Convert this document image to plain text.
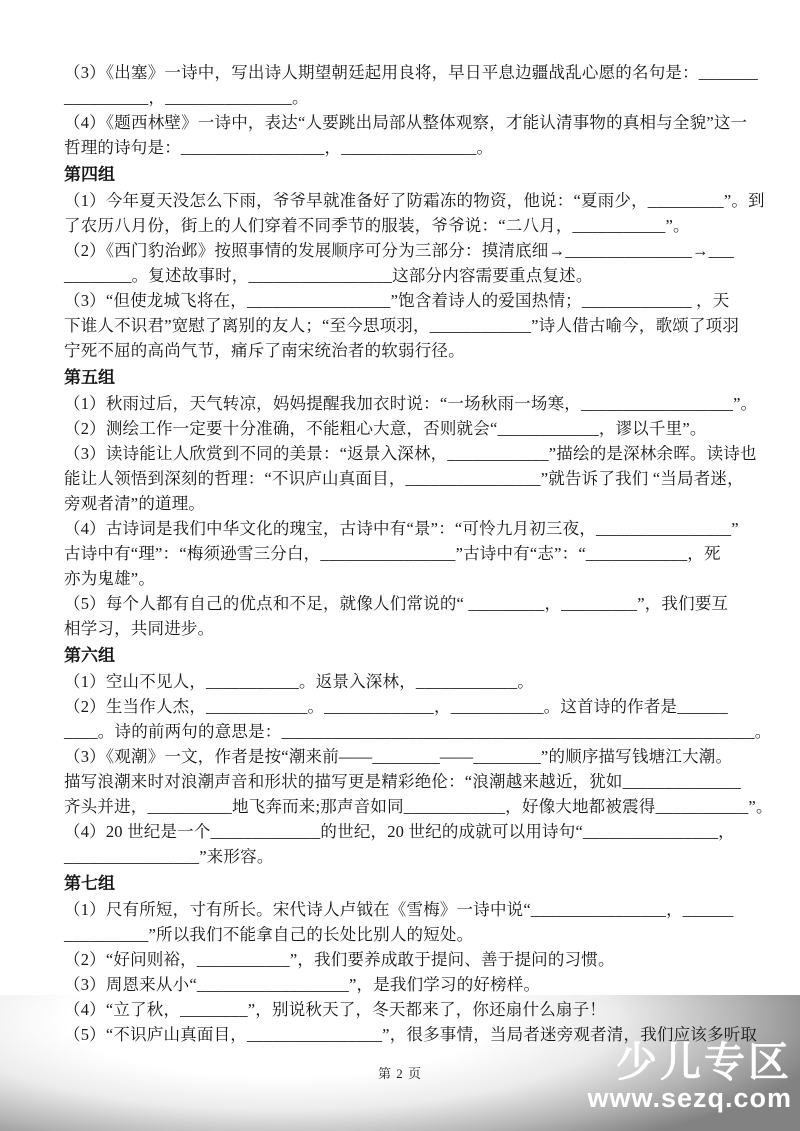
（3）《出塞》一诗中，写出诗人期望朝廷起用良将，早日平息边疆战乱心愿的名句是：_______
__________，_______________。
（4）《题西林壁》一诗中，表达“人要跳出局部从整体观察，才能认清事物的真相与全貌”这一
哲理的诗句是：_________________，________________。
第四组
（1）今年夏天没怎么下雨，爷爷早就准备好了防霜冻的物资，他说：“夏雨少，_________”。到
了农历八月份，街上的人们穿着不同季节的服装，爷爷说：“二八月，___________”。
（2）《西门豹治邺》按照事情的发展顺序可分为三部分：摸清底细→_______________→___
________。复述故事时，_________________这部分内容需要重点复述。
（3）“但使龙城飞将在，_________________”饱含着诗人的爱国热情；_____________ ，天
下谁人不识君”宽慰了离别的友人；“至今思项羽，____________”诗人借古喻今，歌颂了项羽
宁死不屈的高尚气节，痛斥了南宋统治者的软弱行径。
第五组
（1）秋雨过后，天气转凉，妈妈提醒我加衣时说：“一场秋雨一场寒，__________________”。
（2）测绘工作一定要十分准确，不能粗心大意，否则就会“____________，谬以千里”。
（3）读诗能让人欣赏到不同的美景：“返景入深林，____________”描绘的是深林余晖。读诗也
能让人领悟到深刻的哲理：“不识庐山真面目，________________”就告诉了我们 “当局者迷，
旁观者清”的道理。
（4）古诗词是我们中华文化的瑰宝，古诗中有“景”：“可怜九月初三夜，________________”
古诗中有“理”：“梅须逊雪三分白，________________”古诗中有“志”：“____________，死
亦为鬼雄”。
（5）每个人都有自己的优点和不足，就像人们常说的“ _________，_________”，我们要互
相学习，共同进步。
第六组
（1）空山不见人，___________。返景入深林，____________。
（2）生当作人杰，____________。_____________，___________。这首诗的作者是______
____。诗的前两句的意思是：________________________________________________________。
（3）《观潮》一文，作者是按“潮来前——________——________”的顺序描写钱塘江大潮。
描写浪潮来时对浪潮声音和形状的描写更是精彩绝伦：“浪潮越来越近，犹如______________
齐头并进，__________地飞奔而来;那声音如同____________，好像大地都被震得___________”。
（4）20 世纪是一个_____________的世纪，20 世纪的成就可以用诗句“________________，
________________”来形容。
第七组
（1）尺有所短，寸有所长。宋代诗人卢钺在《雪梅》一诗中说“________________，______
__________”所以我们不能拿自己的长处比别人的短处。
（2）“好问则裕，___________”，我们要养成敢于提问、善于提问的习惯。
（3）周恩来从小“__________________”，是我们学习的好榜样。
（4）“立了秋，________”，别说秋天了，冬天都来了，你还扇什么扇子！
（5）“不识庐山真面目，________________”，很多事情，当局者迷旁观者清，我们应该多听取
第 2 页	少儿专区
www.sezq.com
